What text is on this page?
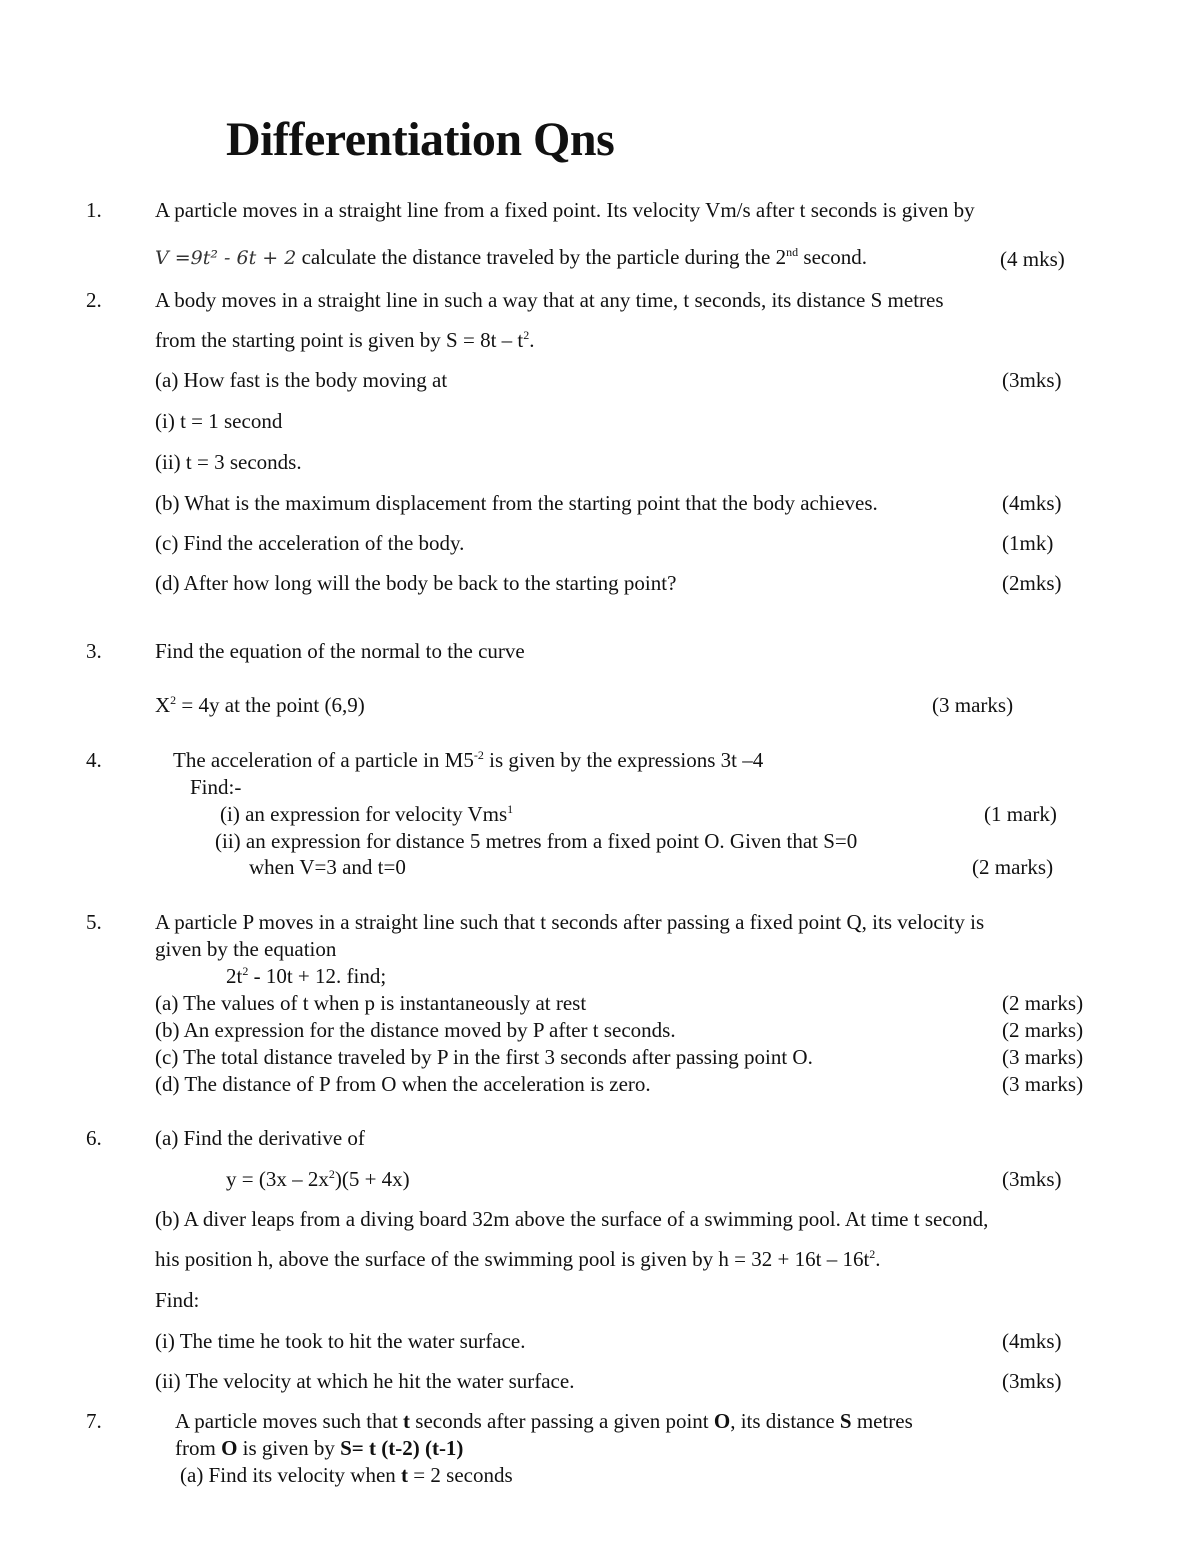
Differentiation Qns
1.	A particle moves in a straight line from a fixed point. Its velocity Vm/s after t seconds is given by
V =9t² - 6t + 2 calculate the distance traveled by the particle during the 2nd second.	(4 mks)
2.	A body moves in a straight line in such a way that at any time, t seconds, its distance S metres
from the starting point is given by $S = 8t - t^2$.
(a) How fast is the body moving at	(3mks)
(i) t = 1 second
(ii) t = 3 seconds.
(b) What is the maximum displacement from the starting point that the body achieves.	(4mks)
(c) Find the acceleration of the body.	(1mk)
(d) After how long will the body be back to the starting point?	(2mks)
3.	Find the equation of the normal to the curve
$X^2 = 4y$ at the point (6,9)	(3 marks)
4.	The acceleration of a particle in $M5^{-2}$ is given by the expressions 3t –4
Find:-
(i) an expression for velocity Vms$^1$	(1 mark)
(ii) an expression for distance 5 metres from a fixed point O. Given that S=0
when V=3 and t=0	(2 marks)
5.	A particle P moves in a straight line such that t seconds after passing a fixed point Q, its velocity is
given by the equation
$2t^2 - 10t + 12$. find;
(a) The values of t when p is instantaneously at rest	(2 marks)
(b) An expression for the distance moved by P after t seconds.	(2 marks)
(c) The total distance traveled by P in the first 3 seconds after passing point O.	(3 marks)
(d) The distance of P from O when the acceleration is zero.	(3 marks)
6.	(a) Find the derivative of
$y = (3x - 2x^2)(5 + 4x)$	(3mks)
(b) A diver leaps from a diving board 32m above the surface of a swimming pool. At time t second,
his position h, above the surface of the swimming pool is given by $h = 32 + 16t - 16t^2$.
Find:
(i) The time he took to hit the water surface.	(4mks)
(ii) The velocity at which he hit the water surface.	(3mks)
7.	A particle moves such that t seconds after passing a given point O, its distance S metres
from O is given by S= t (t-2) (t-1)
(a) Find its velocity when t = 2 seconds
